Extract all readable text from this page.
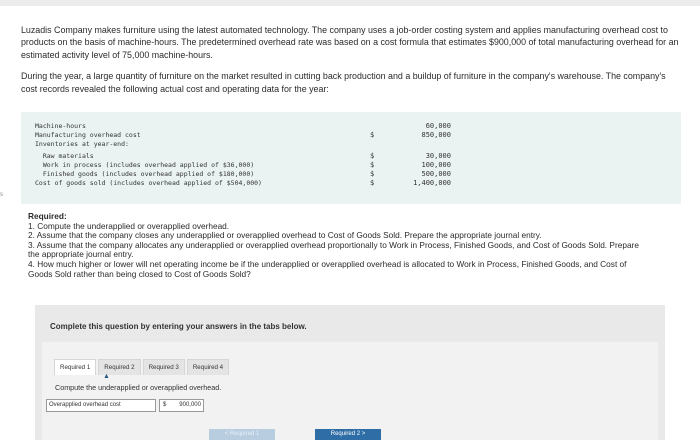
Luzadis Company makes furniture using the latest automated technology. The company uses a job-order costing system and applies manufacturing overhead cost to products on the basis of machine-hours. The predetermined overhead rate was based on a cost formula that estimates $900,000 of total manufacturing overhead for an estimated activity level of 75,000 machine-hours.

During the year, a large quantity of furniture on the market resulted in cutting back production and a buildup of furniture in the company's warehouse. The company's cost records revealed the following actual cost and operating data for the year:

Machine-hours	60,000
Manufacturing overhead cost	$	850,000
Inventories at year-end:
Raw materials	$	30,000
Work in process (includes overhead applied of $36,000)	$	100,000
Finished goods (includes overhead applied of $180,000)	$	500,000
Cost of goods sold (includes overhead applied of $504,000)	$	1,400,000
s
Required:
1. Compute the underapplied or overapplied overhead.
2. Assume that the company closes any underapplied or overapplied overhead to Cost of Goods Sold. Prepare the appropriate journal entry.
3. Assume that the company allocates any underapplied or overapplied overhead proportionally to Work in Process, Finished Goods, and Cost of Goods Sold. Prepare the appropriate journal entry.
4. How much higher or lower will net operating income be if the underapplied or overapplied overhead is allocated to Work in Process, Finished Goods, and Cost of Goods Sold rather than being closed to Cost of Goods Sold?
Complete this question by entering your answers in the tabs below.
Required 1	Required 2	Required 3	Required 4
▲
Compute the underapplied or overapplied overhead.
Overapplied overhead cost	$	900,000
< Required 1	Required 2 >
